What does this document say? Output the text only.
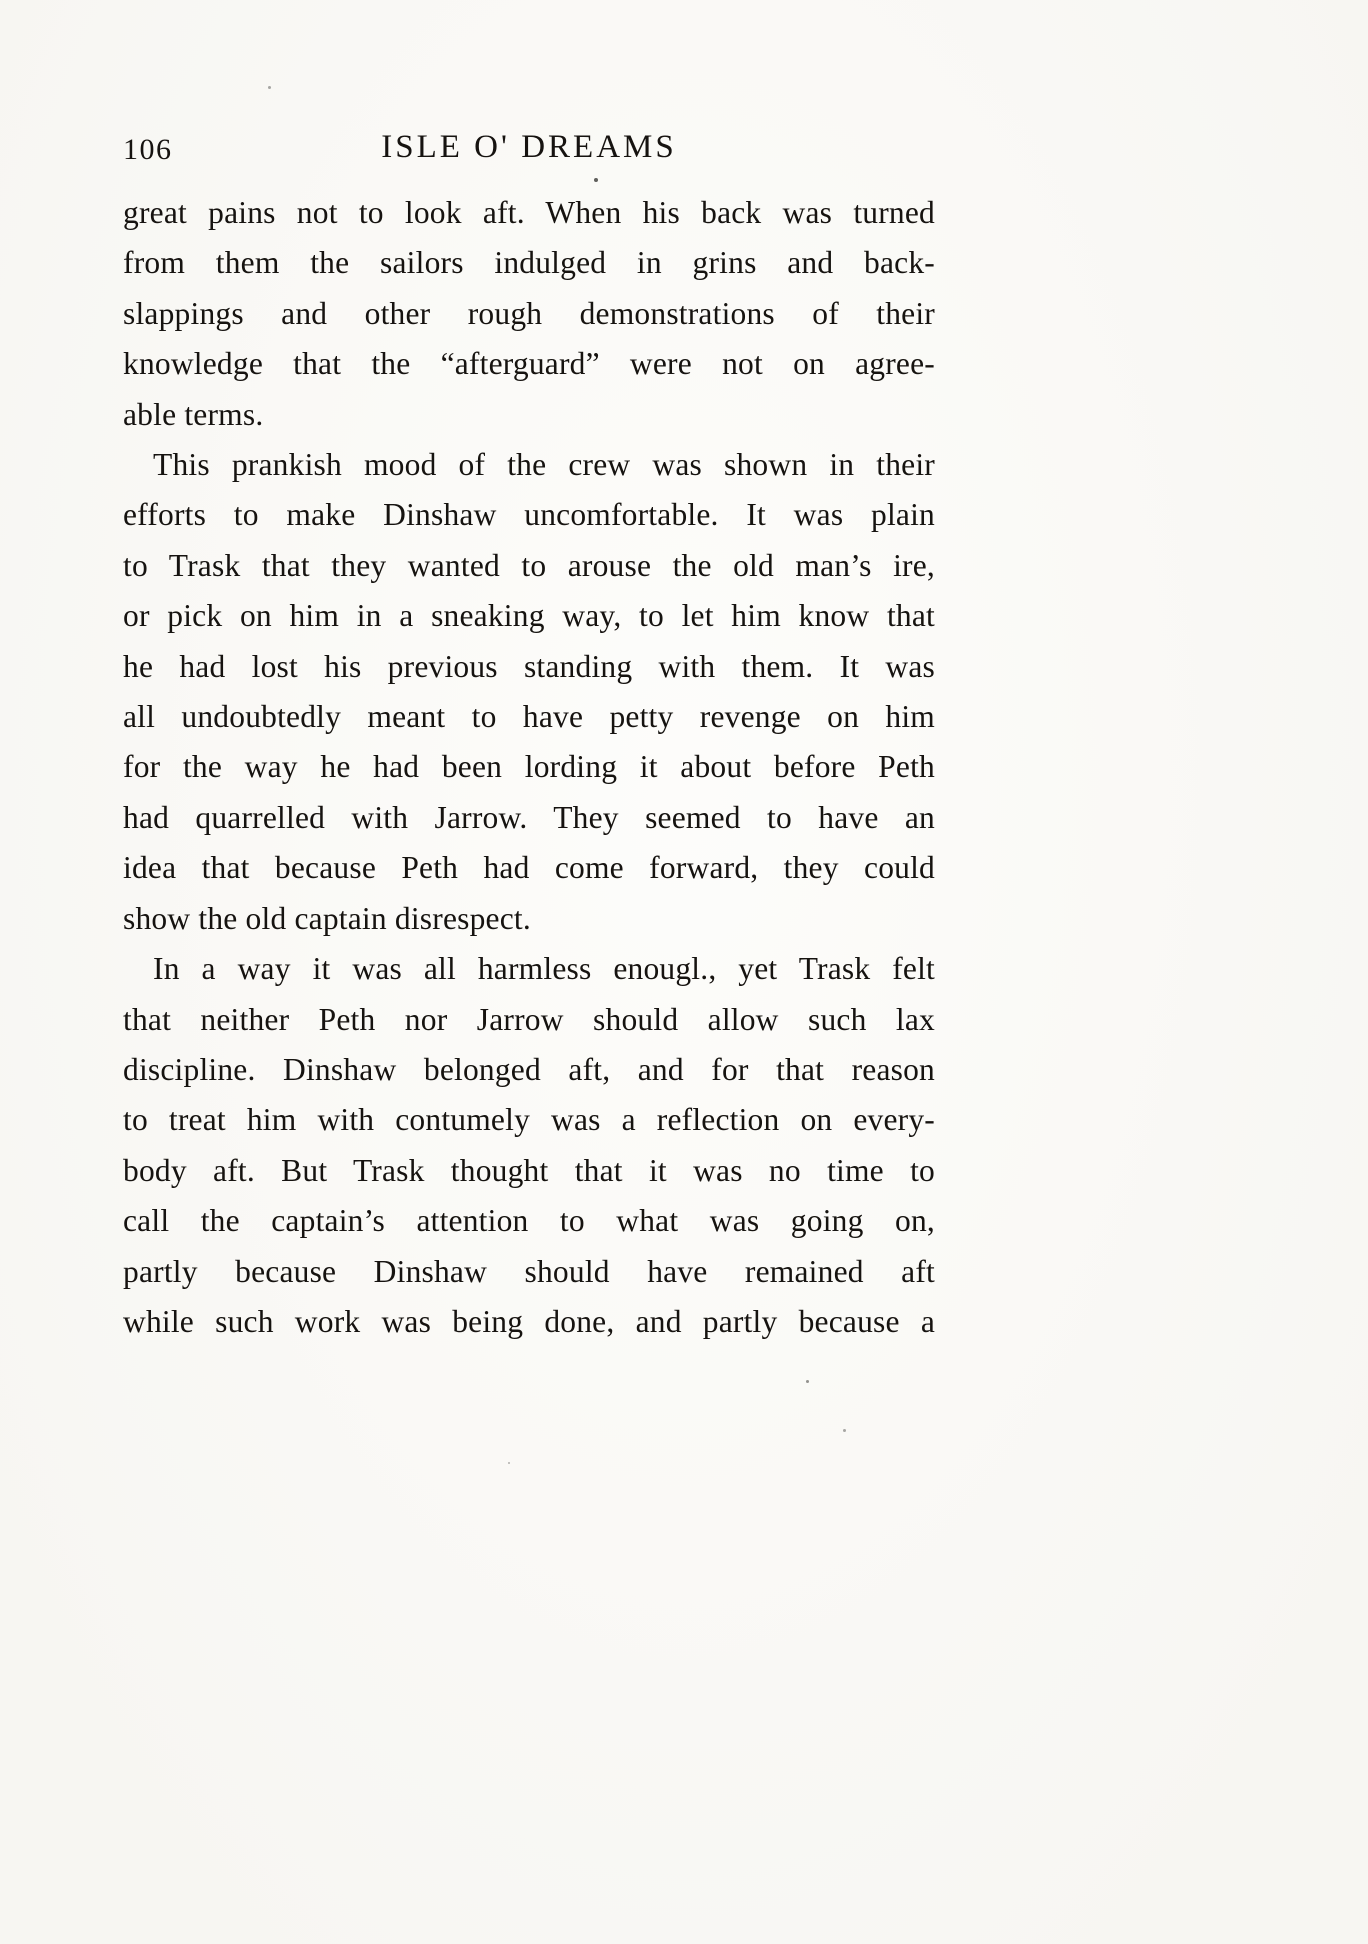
106	ISLE O' DREAMS
great pains not to look aft. When his back was turned
from them the sailors indulged in grins and back-
slappings and other rough demonstrations of their
knowledge that the “afterguard” were not on agree-
able terms.
This prankish mood of the crew was shown in their
efforts to make Dinshaw uncomfortable. It was plain
to Trask that they wanted to arouse the old man’s ire,
or pick on him in a sneaking way, to let him know that
he had lost his previous standing with them. It was
all undoubtedly meant to have petty revenge on him
for the way he had been lording it about before Peth
had quarrelled with Jarrow. They seemed to have an
idea that because Peth had come forward, they could
show the old captain disrespect.
In a way it was all harmless enougl., yet Trask felt
that neither Peth nor Jarrow should allow such lax
discipline. Dinshaw belonged aft, and for that reason
to treat him with contumely was a reflection on every-
body aft. But Trask thought that it was no time to
call the captain’s attention to what was going on,
partly because Dinshaw should have remained aft
while such work was being done, and partly because a
